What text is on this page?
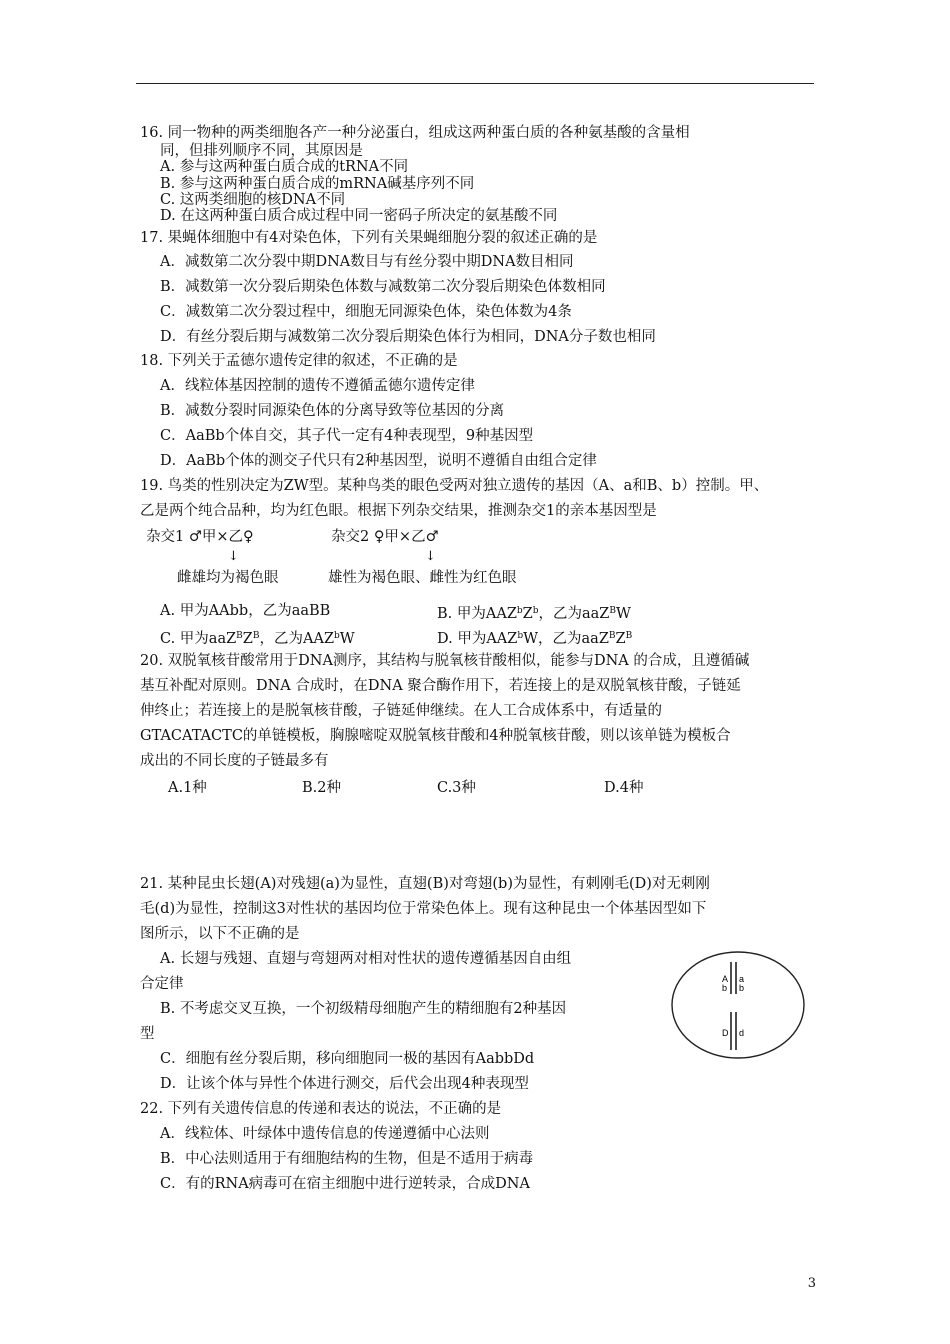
16. 同一物种的两类细胞各产一种分泌蛋白，组成这两种蛋白质的各种氨基酸的含量相
同，但排列顺序不同，其原因是
A. 参与这两种蛋白质合成的tRNA不同
B. 参与这两种蛋白质合成的mRNA碱基序列不同
C. 这两类细胞的核DNA不同
D. 在这两种蛋白质合成过程中同一密码子所决定的氨基酸不同
17. 果蝇体细胞中有4对染色体，下列有关果蝇细胞分裂的叙述正确的是
A．减数第二次分裂中期DNA数目与有丝分裂中期DNA数目相同
B．减数第一次分裂后期染色体数与减数第二次分裂后期染色体数相同
C．减数第二次分裂过程中，细胞无同源染色体，染色体数为4条
D．有丝分裂后期与减数第二次分裂后期染色体行为相同，DNA分子数也相同
18. 下列关于孟德尔遗传定律的叙述，不正确的是
A．线粒体基因控制的遗传不遵循孟德尔遗传定律
B．减数分裂时同源染色体的分离导致等位基因的分离
C．AaBb个体自交，其子代一定有4种表现型，9种基因型
D．AaBb个体的测交子代只有2种基因型，说明不遵循自由组合定律
19. 鸟类的性别决定为ZW型。某种鸟类的眼色受两对独立遗传的基因（A、a和B、b）控制。甲、
乙是两个纯合品种，均为红色眼。根据下列杂交结果，推测杂交1的亲本基因型是
杂交1 ♂甲×乙♀	杂交2 ♀甲×乙♂
↓	↓
雌雄均为褐色眼	雄性为褐色眼、雌性为红色眼
A. 甲为AAbb，乙为aaBB	B. 甲为$AAZ^bZ^b$，乙为aaZ$^B$W
C. 甲为$aaZ^BZ^B$，乙为AAZ$^b$W	D. 甲为AAZ$^b$W，乙为$aaZ^BZ^B$
20. 双脱氧核苷酸常用于DNA测序，其结构与脱氧核苷酸相似，能参与DNA 的合成，且遵循碱
基互补配对原则。DNA 合成时，在DNA 聚合酶作用下，若连接上的是双脱氧核苷酸，子链延
伸终止；若连接上的是脱氧核苷酸，子链延伸继续。在人工合成体系中，有适量的
GTACATACTC的单链模板，胸腺嘧啶双脱氧核苷酸和4种脱氧核苷酸，则以该单链为模板合
成出的不同长度的子链最多有
A.1种	B.2种	C.3种	D.4种
21. 某种昆虫长翅(A)对残翅(a)为显性，直翅(B)对弯翅(b)为显性，有刺刚毛(D)对无刺刚
毛(d)为显性，控制这3对性状的基因均位于常染色体上。现有这种昆虫一个体基因型如下
图所示，以下不正确的是
A. 长翅与残翅、直翅与弯翅两对相对性状的遗传遵循基因自由组
合定律
B. 不考虑交叉互换，一个初级精母细胞产生的精细胞有2种基因
型
C．细胞有丝分裂后期，移向细胞同一极的基因有AabbDd
D．让该个体与异性个体进行测交，后代会出现4种表现型
A
b
a
b
D d
22. 下列有关遗传信息的传递和表达的说法，不正确的是
A．线粒体、叶绿体中遗传信息的传递遵循中心法则
B．中心法则适用于有细胞结构的生物，但是不适用于病毒
C．有的RNA病毒可在宿主细胞中进行逆转录，合成DNA
3
